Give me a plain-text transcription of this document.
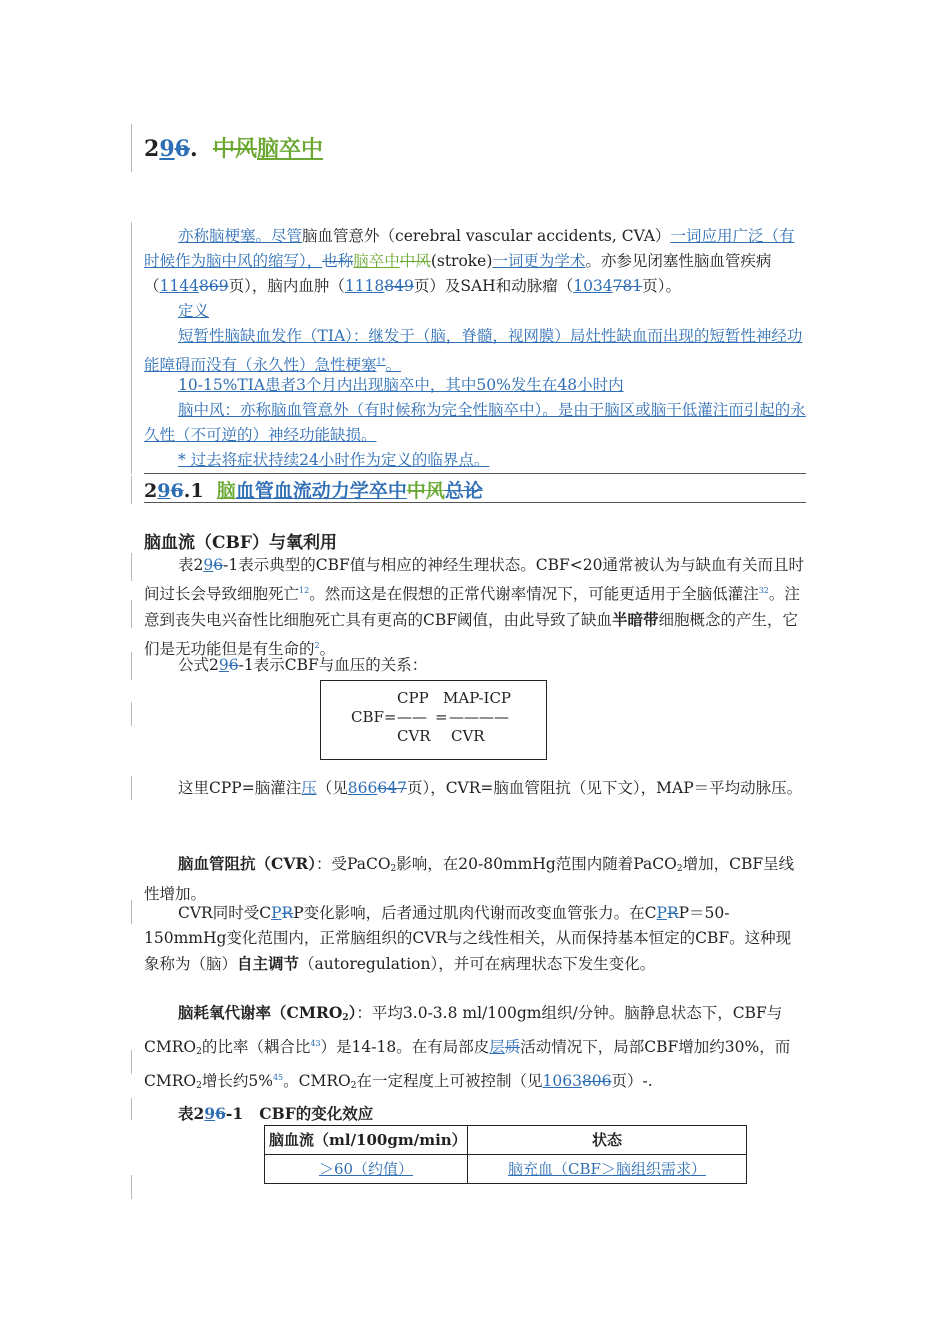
296. 中风脑卒中
亦称脑梗塞。尽管脑血管意外（cerebral vascular accidents, CVA）一词应用广泛（有时候作为脑中风的缩写），也称脑卒中中风(stroke)一词更为学术。亦参见闭塞性脑血管疾病（1144869页），脑内血肿（1118849页）及SAH和动脉瘤（1034781页）。
定义
短暂性脑缺血发作（TIA）：继发于（脑，脊髓，视网膜）局灶性缺血而出现的短暂性神经功能障碍而没有（永久性）急性梗塞$^{1*}$。
10-15%TIA患者3个月内出现脑卒中，其中50%发生在48小时内
脑中风：亦称脑血管意外（有时候称为完全性脑卒中）。是由于脑区或脑干低灌注而引起的永久性（不可逆的）神经功能缺损。
* 过去将症状持续24小时作为定义的临界点。
296.1 脑血管血流动力学卒中中风总论
脑血流（CBF）与氧利用
表296-1表示典型的CBF值与相应的神经生理状态。CBF<20通常被认为与缺血有关而且时间过长会导致细胞死亡$^{12}$。然而这是在假想的正常代谢率情况下，可能更适用于全脑低灌注$^{32}$。注意到丧失电兴奋性比细胞死亡具有更高的CBF阈值，由此导致了缺血半暗带细胞概念的产生，它们是无功能但是有生命的$^2$。
公式296-1表示CBF与血压的关系：
CPP MAP-ICP
CBF= —— = ————
CVR CVR
这里CPP=脑灌注压（见866647页），CVR=脑血管阻抗（见下文），MAP＝平均动脉压。
脑血管阻抗（CVR）：受PaCO$_2$影响，在20-80mmHg范围内随着PaCO$_2$增加，CBF呈线性增加。
CVR同时受CPRP变化影响，后者通过肌肉代谢而改变血管张力。在CPRP＝50-150mmHg变化范围内，正常脑组织的CVR与之线性相关，从而保持基本恒定的CBF。这种现象称为（脑）自主调节（autoregulation），并可在病理状态下发生变化。
脑耗氧代谢率$(CMRO_2)$：平均3.0-3.8 ml/100gm组织/分钟。脑静息状态下，CBF与$CMRO_2$的比率（耦合比$^{43}$）是14-18。在有局部皮层质活动情况下，局部CBF增加约30%，而$CMRO_2$增长约5%$^{45}$。$CMRO_2$在一定程度上可被控制（见1063806页）-.
表296-1   CBF的变化效应
脑血流（ml/100gm/min）	状态
＞60（约值）	脑充血（CBF＞脑组织需求）
